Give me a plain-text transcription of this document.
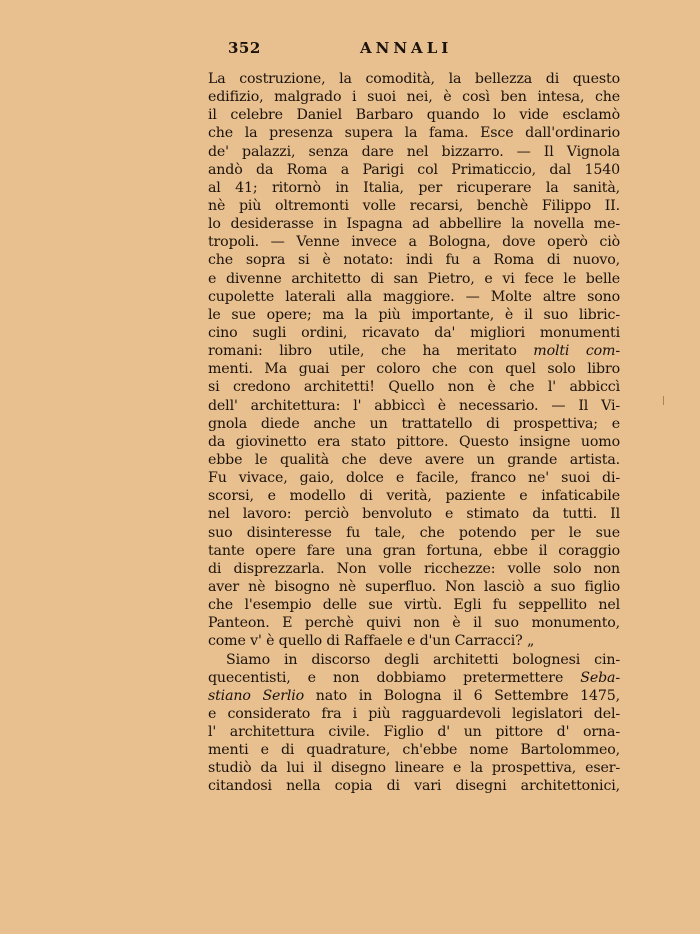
352	ANNALI
La costruzione, la comodità, la bellezza di questo
edifizio, malgrado i suoi nei, è così ben intesa, che
il celebre Daniel Barbaro quando lo vide esclamò
che la presenza supera la fama. Esce dall'ordinario
de' palazzi, senza dare nel bizzarro. — Il Vignola
andò da Roma a Parigi col Primaticcio, dal 1540
al 41; ritornò in Italia, per ricuperare la sanità,
nè più oltremonti volle recarsi, benchè Filippo II.
lo desiderasse in Ispagna ad abbellire la novella me-
tropoli. — Venne invece a Bologna, dove operò ciò
che sopra si è notato: indi fu a Roma di nuovo,
e divenne architetto di san Pietro, e vi fece le belle
cupolette laterali alla maggiore. — Molte altre sono
le sue opere; ma la più importante, è il suo libric-
cino sugli ordini, ricavato da' migliori monumenti
romani: libro utile, che ha meritato molti com-
menti. Ma guai per coloro che con quel solo libro
si credono architetti! Quello non è che l' abbiccì
dell' architettura: l' abbiccì è necessario. — Il Vi-
gnola diede anche un trattatello di prospettiva; e
da giovinetto era stato pittore. Questo insigne uomo
ebbe le qualità che deve avere un grande artista.
Fu vivace, gaio, dolce e facile, franco ne' suoi di-
scorsi, e modello di verità, paziente e infaticabile
nel lavoro: perciò benvoluto e stimato da tutti. Il
suo disinteresse fu tale, che potendo per le sue
tante opere fare una gran fortuna, ebbe il coraggio
di disprezzarla. Non volle ricchezze: volle solo non
aver nè bisogno nè superfluo. Non lasciò a suo figlio
che l'esempio delle sue virtù. Egli fu seppellito nel
Panteon. E perchè quivi non è il suo monumento,
come v' è quello di Raffaele e d'un Carracci? „
Siamo in discorso degli architetti bolognesi cin-
quecentisti, e non dobbiamo pretermettere Seba-
stiano Serlio nato in Bologna il 6 Settembre 1475,
e considerato fra i più ragguardevoli legislatori del-
l' architettura civile. Figlio d' un pittore d' orna-
menti e di quadrature, ch'ebbe nome Bartolommeo,
studiò da lui il disegno lineare e la prospettiva, eser-
citandosi nella copia di vari disegni architettonici,
